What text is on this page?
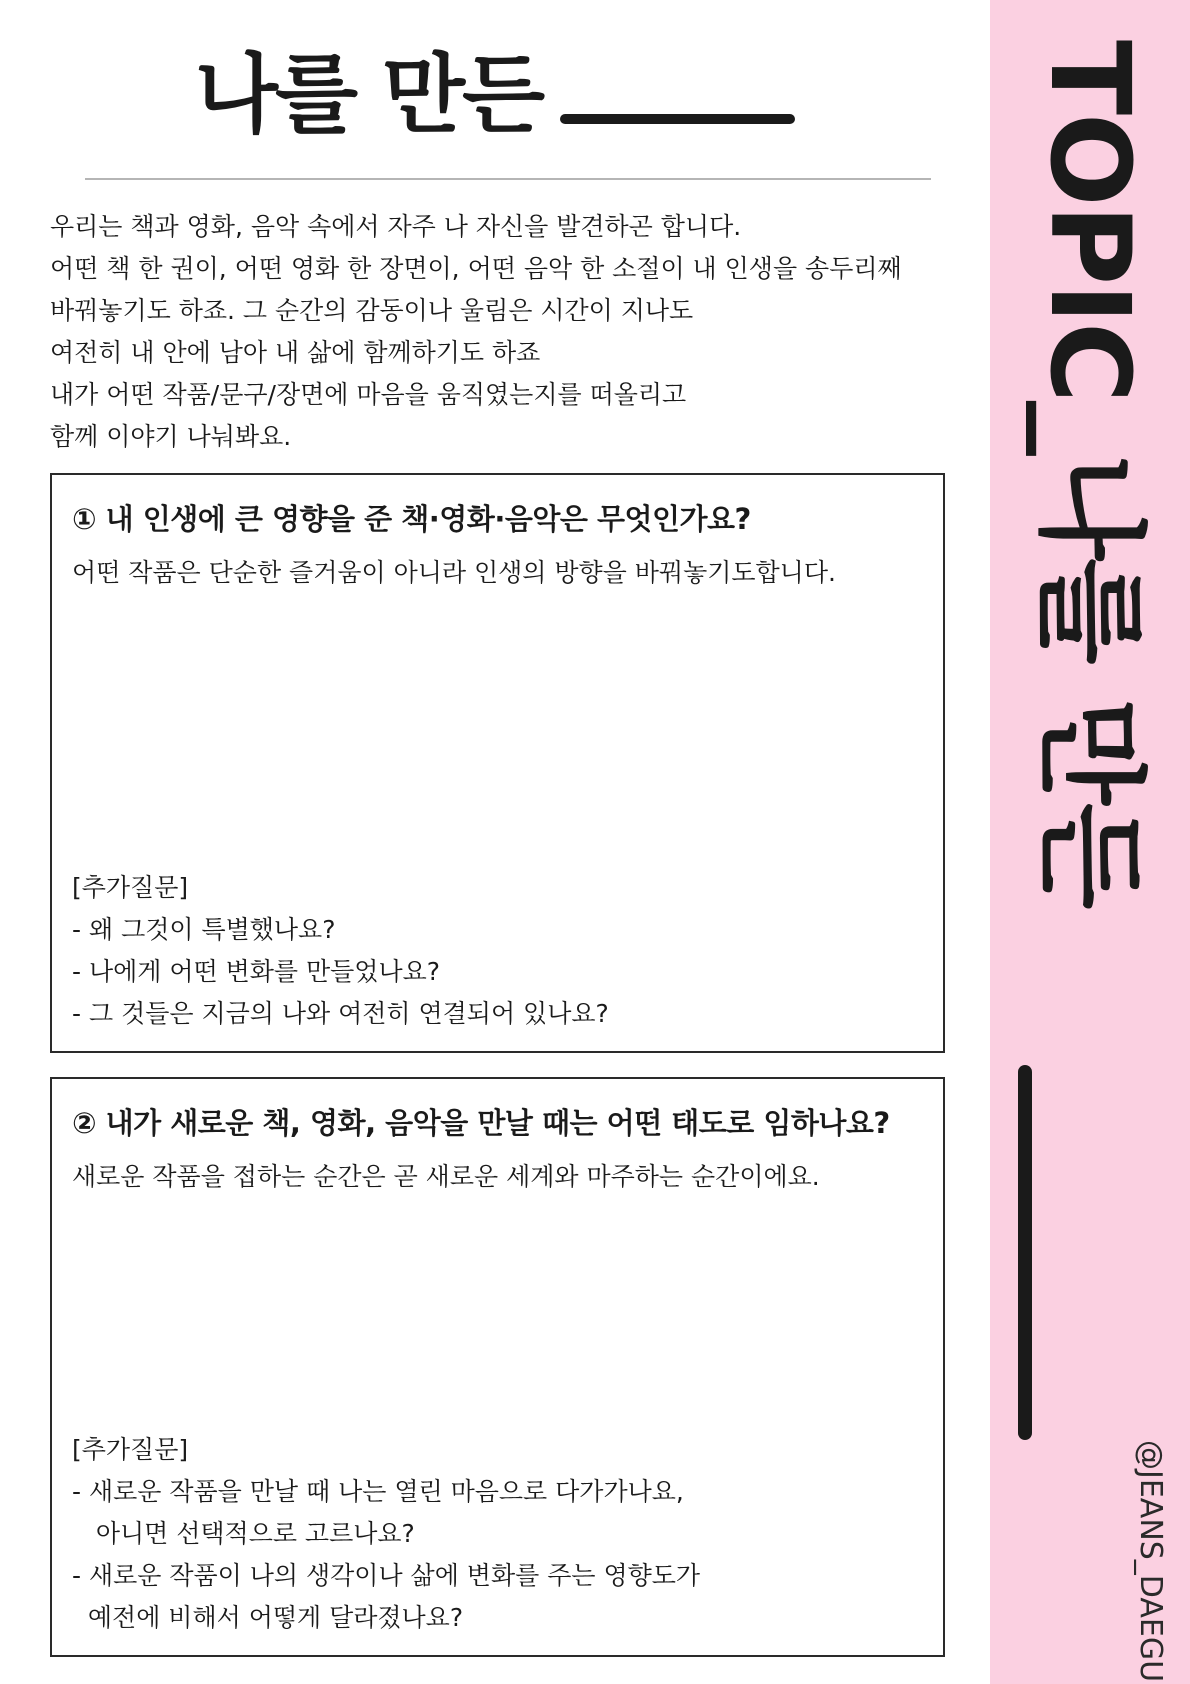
나를 만든
우리는 책과 영화, 음악 속에서 자주 나 자신을 발견하곤 합니다.
어떤 책 한 권이, 어떤 영화 한 장면이, 어떤 음악 한 소절이 내 인생을 송두리째
바꿔놓기도 하죠. 그 순간의 감동이나 울림은 시간이 지나도
여전히 내 안에 남아 내 삶에 함께하기도 하죠
내가 어떤 작품/문구/장면에 마음을 움직였는지를 떠올리고
함께 이야기 나눠봐요.
① 내 인생에 큰 영향을 준 책·영화·음악은 무엇인가요?
어떤 작품은 단순한 즐거움이 아니라 인생의 방향을 바꿔놓기도합니다.
[추가질문]
- 왜 그것이 특별했나요?
- 나에게 어떤 변화를 만들었나요?
- 그 것들은 지금의 나와 여전히 연결되어 있나요?
② 내가 새로운 책, 영화, 음악을 만날 때는 어떤 태도로 임하나요?
새로운 작품을 접하는 순간은 곧 새로운 세계와 마주하는 순간이에요.
[추가질문]
- 새로운 작품을 만날 때 나는 열린 마음으로 다가가나요,
아니면 선택적으로 고르나요?
- 새로운 작품이 나의 생각이나 삶에 변화를 주는 영향도가
예전에 비해서 어떻게 달라졌나요?
TOPIC_나를 만든
@JEANS_DAEGU
